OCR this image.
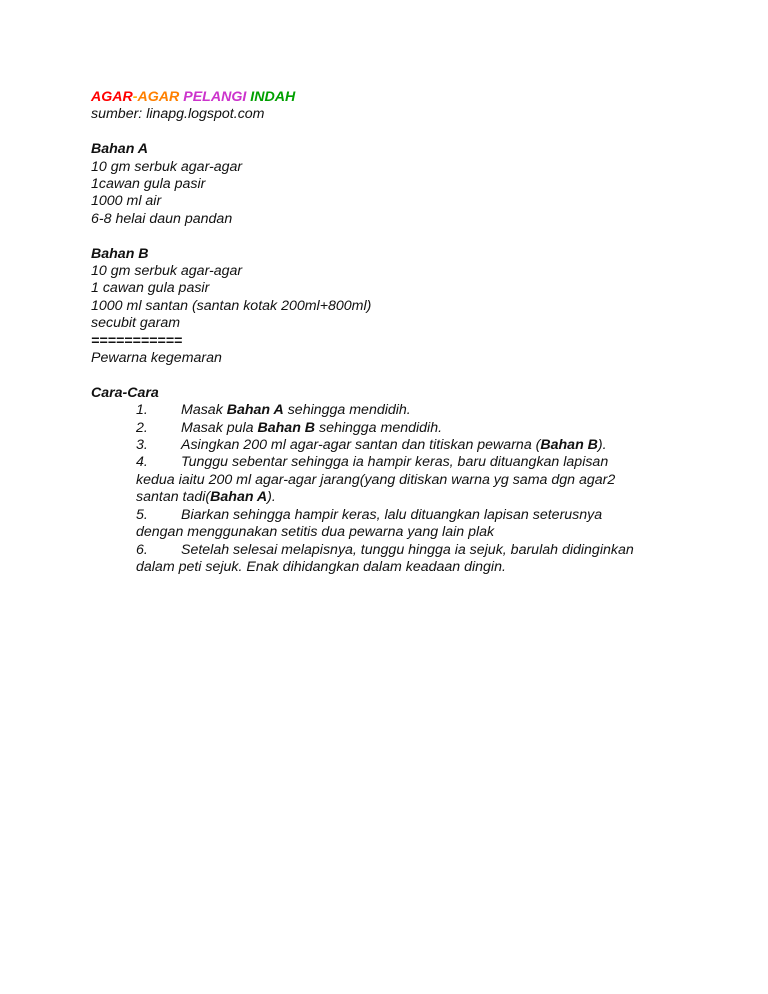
AGAR-AGAR PELANGI INDAH
sumber: linapg.logspot.com
Bahan A
10 gm serbuk agar-agar
1cawan gula pasir
1000 ml air
6-8 helai daun pandan
Bahan B
10 gm serbuk agar-agar
1 cawan gula pasir
1000 ml santan (santan kotak 200ml+800ml)
secubit garam
===========
Pewarna kegemaran
Cara-Cara
1. Masak Bahan A sehingga mendidih.
2. Masak pula Bahan B sehingga mendidih.
3. Asingkan 200 ml agar-agar santan dan titiskan pewarna (Bahan B).
4. Tunggu sebentar sehingga ia hampir keras, baru dituangkan lapisan
kedua iaitu 200 ml agar-agar jarang(yang ditiskan warna yg sama dgn agar2
santan tadi(Bahan A).
5. Biarkan sehingga hampir keras, lalu dituangkan lapisan seterusnya
dengan menggunakan setitis dua pewarna yang lain plak
6. Setelah selesai melapisnya, tunggu hingga ia sejuk, barulah didinginkan
dalam peti sejuk. Enak dihidangkan dalam keadaan dingin.
